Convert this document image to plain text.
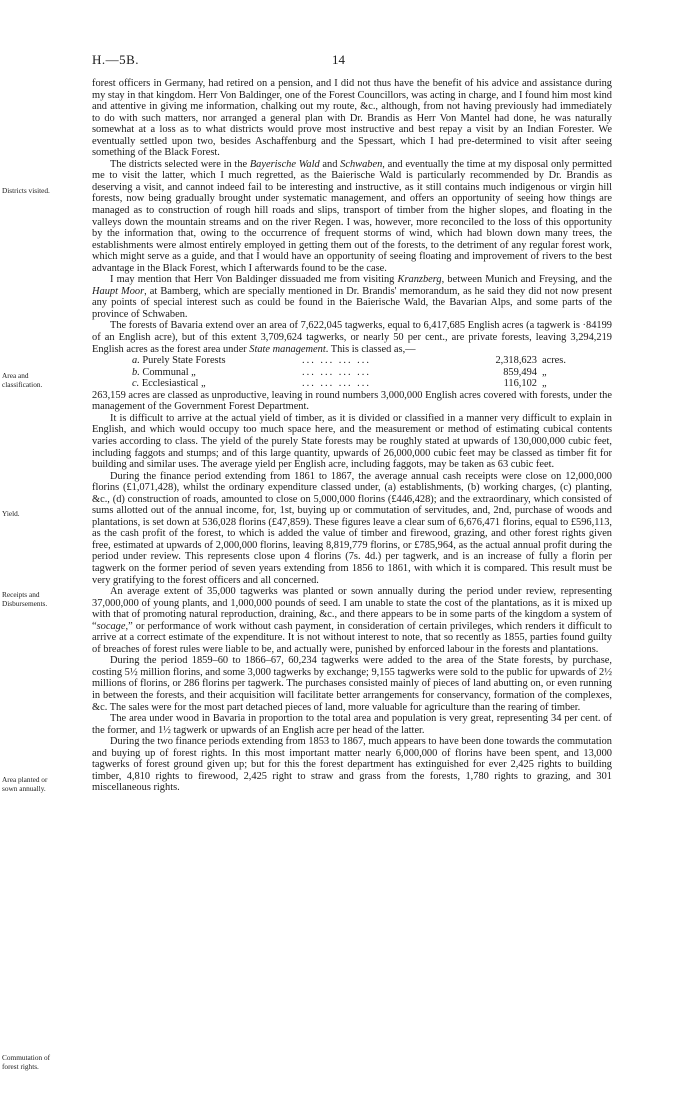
H.—5B.	14
Districts visited.
Area and
classification.
Yield.
Receipts and
Disbursements.
Area planted or
sown annually.
Commutation of
forest rights.

forest officers in Germany, had retired on a pension, and I did not thus have the benefit of his advice and assistance during my stay in that kingdom. Herr Von Baldinger, one of the Forest Councillors, was acting in charge, and I found him most kind and attentive in giving me information, chalking out my route, &c., although, from not having previously had immediately to do with such matters, nor arranged a general plan with Dr. Brandis as Herr Von Mantel had done, he was naturally somewhat at a loss as to what districts would prove most instructive and best repay a visit by an Indian Forester. We eventually settled upon two, besides Aschaffenburg and the Spessart, which I had pre-determined to visit after seeing something of the Black Forest.

The districts selected were in the Bayerische Wald and Schwaben, and eventually the time at my disposal only permitted me to visit the latter, which I much regretted, as the Baierische Wald is particularly recommended by Dr. Brandis as deserving a visit, and cannot indeed fail to be interesting and instructive, as it still contains much indigenous or virgin hill forests, now being gradually brought under systematic management, and offers an opportunity of seeing how things are managed as to construction of rough hill roads and slips, transport of timber from the higher slopes, and floating in the valleys down the mountain streams and on the river Regen. I was, however, more reconciled to the loss of this opportunity by the information that, owing to the occurrence of frequent storms of wind, which had blown down many trees, the establishments were almost entirely employed in getting them out of the forests, to the detriment of any regular forest work, which might serve as a guide, and that I would have an opportunity of seeing floating and improvement of rivers to the best advantage in the Black Forest, which I afterwards found to be the case.

I may mention that Herr Von Baldinger dissuaded me from visiting Kranzberg, between Munich and Freysing, and the Haupt Moor, at Bamberg, which are specially mentioned in Dr. Brandis' memorandum, as he said they did not now present any points of special interest such as could be found in the Baierische Wald, the Bavarian Alps, and some parts of the province of Schwaben.

The forests of Bavaria extend over an area of 7,622,045 tagwerks, equal to 6,417,685 English acres (a tagwerk is ·84199 of an English acre), but of this extent 3,709,624 tagwerks, or nearly 50 per cent., are private forests, leaving 3,294,219 English acres as the forest area under State management. This is classed as,—

a. Purely State Forests	... ... ... ...	2,318,623 acres.
b. Communal „	... ... ... ...	859,494 „
c. Ecclesiastical „	... ... ... ...	116,102 „

263,159 acres are classed as unproductive, leaving in round numbers 3,000,000 English acres covered with forests, under the management of the Government Forest Department.

It is difficult to arrive at the actual yield of timber, as it is divided or classified in a manner very difficult to explain in English, and which would occupy too much space here, and the measurement or method of estimating cubical contents varies according to class. The yield of the purely State forests may be roughly stated at upwards of 130,000,000 cubic feet, including faggots and stumps; and of this large quantity, upwards of 26,000,000 cubic feet may be classed as timber fit for building and similar uses. The average yield per English acre, including faggots, may be taken as 63 cubic feet.

During the finance period extending from 1861 to 1867, the average annual cash receipts were close on 12,000,000 florins (£1,071,428), whilst the ordinary expenditure classed under, (a) establishments, (b) working charges, (c) planting, &c., (d) construction of roads, amounted to close on 5,000,000 florins (£446,428); and the extraordinary, which consisted of sums allotted out of the annual income, for, 1st, buying up or commutation of servitudes, and, 2nd, purchase of woods and plantations, is set down at 536,028 florins (£47,859). These figures leave a clear sum of 6,676,471 florins, equal to £596,113, as the cash profit of the forest, to which is added the value of timber and firewood, grazing, and other forest rights given free, estimated at upwards of 2,000,000 florins, leaving 8,819,779 florins, or £785,964, as the actual annual profit during the period under review. This represents close upon 4 florins (7s. 4d.) per tagwerk, and is an increase of fully a florin per tagwerk on the former period of seven years extending from 1856 to 1861, with which it is compared. This result must be very gratifying to the forest officers and all concerned.

An average extent of 35,000 tagwerks was planted or sown annually during the period under review, representing 37,000,000 of young plants, and 1,000,000 pounds of seed. I am unable to state the cost of the plantations, as it is mixed up with that of promoting natural reproduction, draining, &c., and there appears to be in some parts of the kingdom a system of “socage,” or performance of work without cash payment, in consideration of certain privileges, which renders it difficult to arrive at a correct estimate of the expenditure. It is not without interest to note, that so recently as 1855, parties found guilty of breaches of forest rules were liable to be, and actually were, punished by enforced labour in the forests and plantations.

During the period 1859–60 to 1866–67, 60,234 tagwerks were added to the area of the State forests, by purchase, costing 5½ million florins, and some 3,000 tagwerks by exchange; 9,155 tagwerks were sold to the public for upwards of 2½ millions of florins, or 286 florins per tagwerk. The purchases consisted mainly of pieces of land abutting on, or even running in between the forests, and their acquisition will facilitate better arrangements for conservancy, formation of the complexes, &c. The sales were for the most part detached pieces of land, more valuable for agriculture than the rearing of timber.

The area under wood in Bavaria in proportion to the total area and population is very great, representing 34 per cent. of the former, and 1½ tagwerk or upwards of an English acre per head of the latter.

During the two finance periods extending from 1853 to 1867, much appears to have been done towards the commutation and buying up of forest rights. In this most important matter nearly 6,000,000 of florins have been spent, and 13,000 tagwerks of forest ground given up; but for this the forest department has extinguished for ever 2,425 rights to building timber, 4,810 rights to firewood, 2,425 right to straw and grass from the forests, 1,780 rights to grazing, and 301 miscellaneous rights.
